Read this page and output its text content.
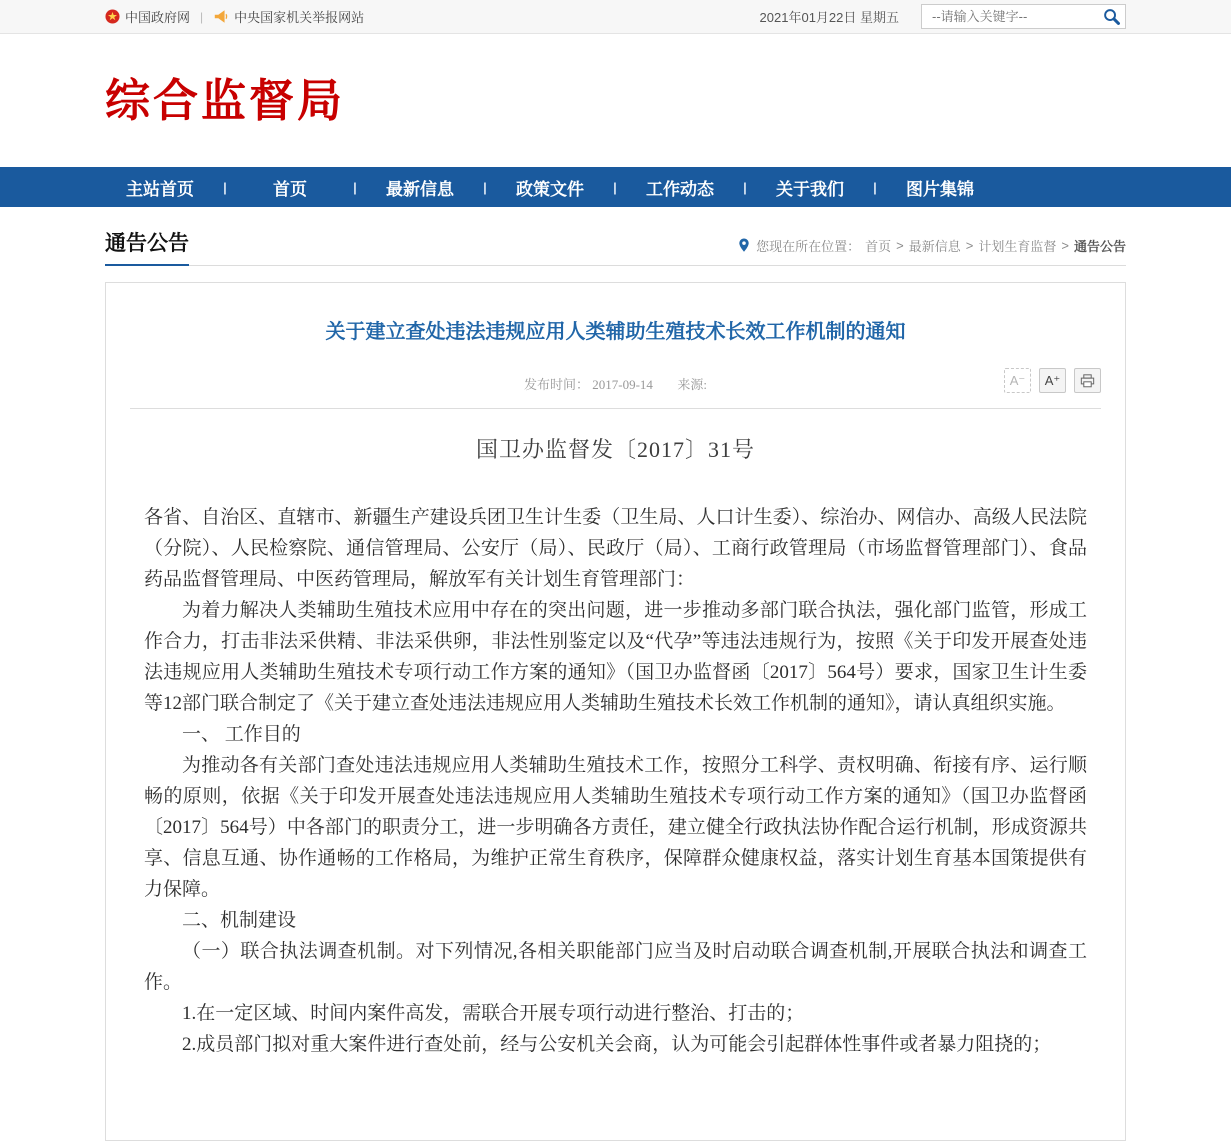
中国政府网 | 中央国家机关举报网站	2021年01月22日 星期五
--请输入关键字--
综合监督局
主站首页	|	首页	|	最新信息	|	政策文件	|	工作动态	|	关于我们	|	图片集锦
通告公告	您现在所在位置： 首页 > 最新信息 > 计划生育监督 > 通告公告
关于建立查处违法违规应用人类辅助生殖技术长效工作机制的通知
发布时间： 2017-09-14 来源:	A⁻	A⁺
国卫办监督发〔2017〕31号

各省、自治区、直辖市、新疆生产建设兵团卫生计生委（卫生局、人口计生委）、综治办、网信办、高级人民法院（分院）、人民检察院、通信管理局、公安厅（局）、民政厅（局）、工商行政管理局（市场监督管理部门）、食品药品监督管理局、中医药管理局，解放军有关计划生育管理部门：

为着力解决人类辅助生殖技术应用中存在的突出问题，进一步推动多部门联合执法，强化部门监管，形成工作合力，打击非法采供精、非法采供卵，非法性别鉴定以及“代孕”等违法违规行为，按照《关于印发开展查处违法违规应用人类辅助生殖技术专项行动工作方案的通知》（国卫办监督函〔2017〕564号）要求，国家卫生计生委等12部门联合制定了《关于建立查处违法违规应用人类辅助生殖技术长效工作机制的通知》，请认真组织实施。

一、 工作目的

为推动各有关部门查处违法违规应用人类辅助生殖技术工作，按照分工科学、责权明确、衔接有序、运行顺畅的原则，依据《关于印发开展查处违法违规应用人类辅助生殖技术专项行动工作方案的通知》（国卫办监督函〔2017〕564号）中各部门的职责分工，进一步明确各方责任，建立健全行政执法协作配合运行机制，形成资源共享、信息互通、协作通畅的工作格局，为维护正常生育秩序，保障群众健康权益，落实计划生育基本国策提供有力保障。

二、机制建设

（一）联合执法调查机制。对下列情况,各相关职能部门应当及时启动联合调查机制,开展联合执法和调查工作。

1.在一定区域、时间内案件高发，需联合开展专项行动进行整治、打击的；

2.成员部门拟对重大案件进行查处前，经与公安机关会商，认为可能会引起群体性事件或者暴力阻挠的；
